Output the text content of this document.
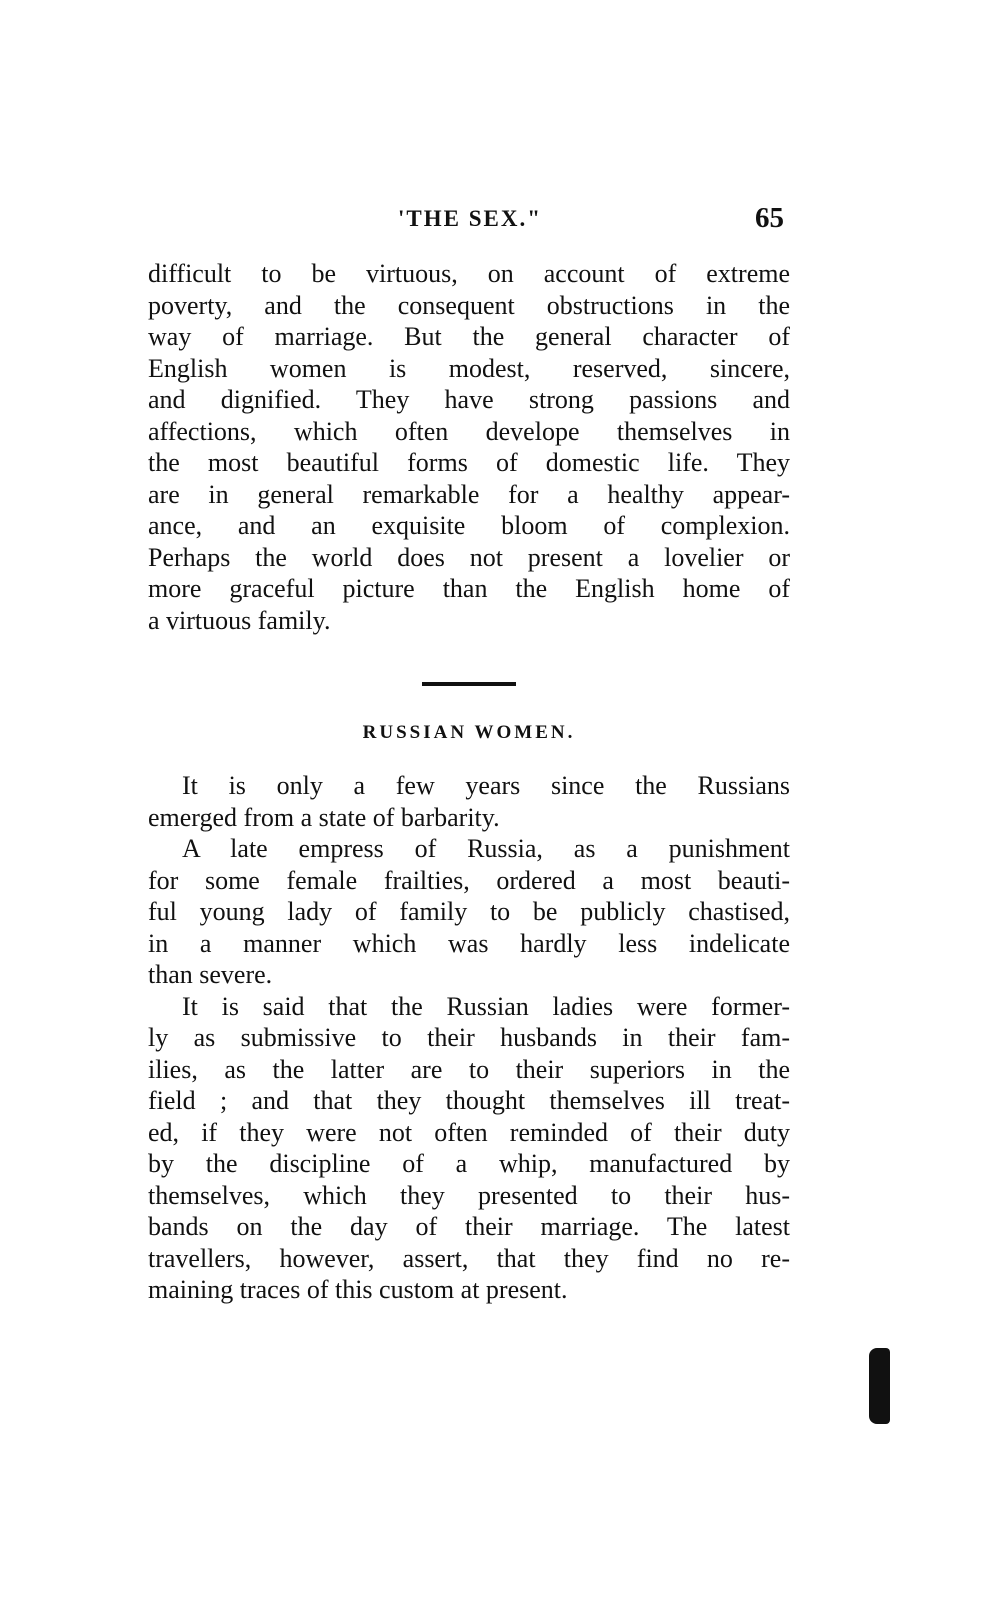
'THE SEX."	65
difficult to be virtuous, on account of extreme
poverty, and the consequent obstructions in the
way of marriage. But the general character of
English women is modest, reserved, sincere,
and dignified. They have strong passions and
affections, which often develope themselves in
the most beautiful forms of domestic life. They
are in general remarkable for a healthy appear-
ance, and an exquisite bloom of complexion.
Perhaps the world does not present a lovelier or
more graceful picture than the English home of
a virtuous family.
RUSSIAN WOMEN.
It is only a few years since the Russians
emerged from a state of barbarity.
A late empress of Russia, as a punishment
for some female frailties, ordered a most beauti-
ful young lady of family to be publicly chastised,
in a manner which was hardly less indelicate
than severe.
It is said that the Russian ladies were former-
ly as submissive to their husbands in their fam-
ilies, as the latter are to their superiors in the
field ; and that they thought themselves ill treat-
ed, if they were not often reminded of their duty
by the discipline of a whip, manufactured by
themselves, which they presented to their hus-
bands on the day of their marriage. The latest
travellers, however, assert, that they find no re-
maining traces of this custom at present.
